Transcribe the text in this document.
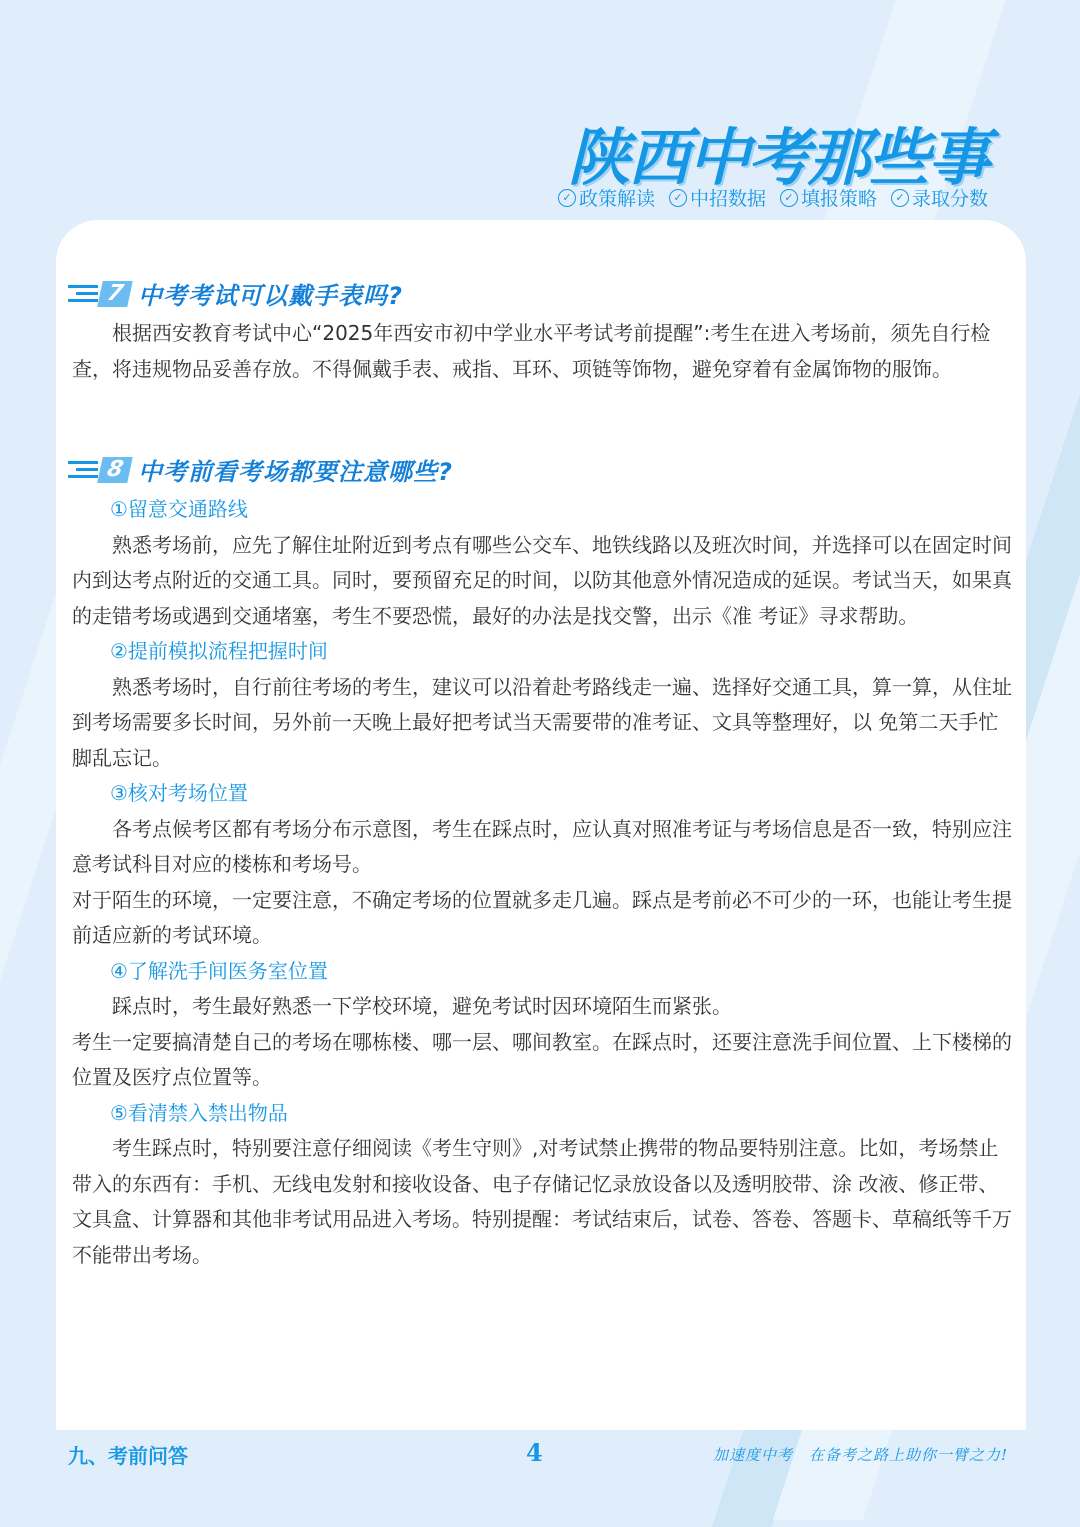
陕西中考那些事
✓ 政策解读	✓ 中招数据	✓ 填报策略	✓ 录取分数
7 中考考试可以戴手表吗?

根据西安教育考试中心“2025年西安市初中学业水平考试考前提醒”:考生在进入考场前，须先自行检查，将违规物品妥善存放。不得佩戴手表、戒指、耳环、项链等饰物，避免穿着有金属饰物的服饰。

8 中考前看考场都要注意哪些?

①留意交通路线

熟悉考场前，应先了解住址附近到考点有哪些公交车、地铁线路以及班次时间，并选择可以在固定时间内到达考点附近的交通工具。同时，要预留充足的时间，以防其他意外情况造成的延误。考试当天，如果真的走错考场或遇到交通堵塞，考生不要恐慌，最好的办法是找交警，出示《准 考证》寻求帮助。

②提前模拟流程把握时间

熟悉考场时，自行前往考场的考生，建议可以沿着赴考路线走一遍、选择好交通工具，算一算，从住址到考场需要多长时间，另外前一天晚上最好把考试当天需要带的准考证、文具等整理好，以 免第二天手忙脚乱忘记。

③核对考场位置

各考点候考区都有考场分布示意图，考生在踩点时，应认真对照准考证与考场信息是否一致，特别应注意考试科目对应的楼栋和考场号。

对于陌生的环境，一定要注意，不确定考场的位置就多走几遍。踩点是考前必不可少的一环，也能让考生提前适应新的考试环境。

④了解洗手间医务室位置

踩点时，考生最好熟悉一下学校环境，避免考试时因环境陌生而紧张。

考生一定要搞清楚自己的考场在哪栋楼、哪一层、哪间教室。在踩点时，还要注意洗手间位置、上下楼梯的位置及医疗点位置等。

⑤看清禁入禁出物品

考生踩点时，特别要注意仔细阅读《考生守则》,对考试禁止携带的物品要特别注意。比如，考场禁止带入的东西有：手机、无线电发射和接收设备、电子存储记忆录放设备以及透明胶带、涂 改液、修正带、文具盒、计算器和其他非考试用品进入考场。特别提醒：考试结束后，试卷、答卷、答题卡、草稿纸等千万不能带出考场。

九、考前问答	4	加速度中考　在备考之路上助你一臂之力!
